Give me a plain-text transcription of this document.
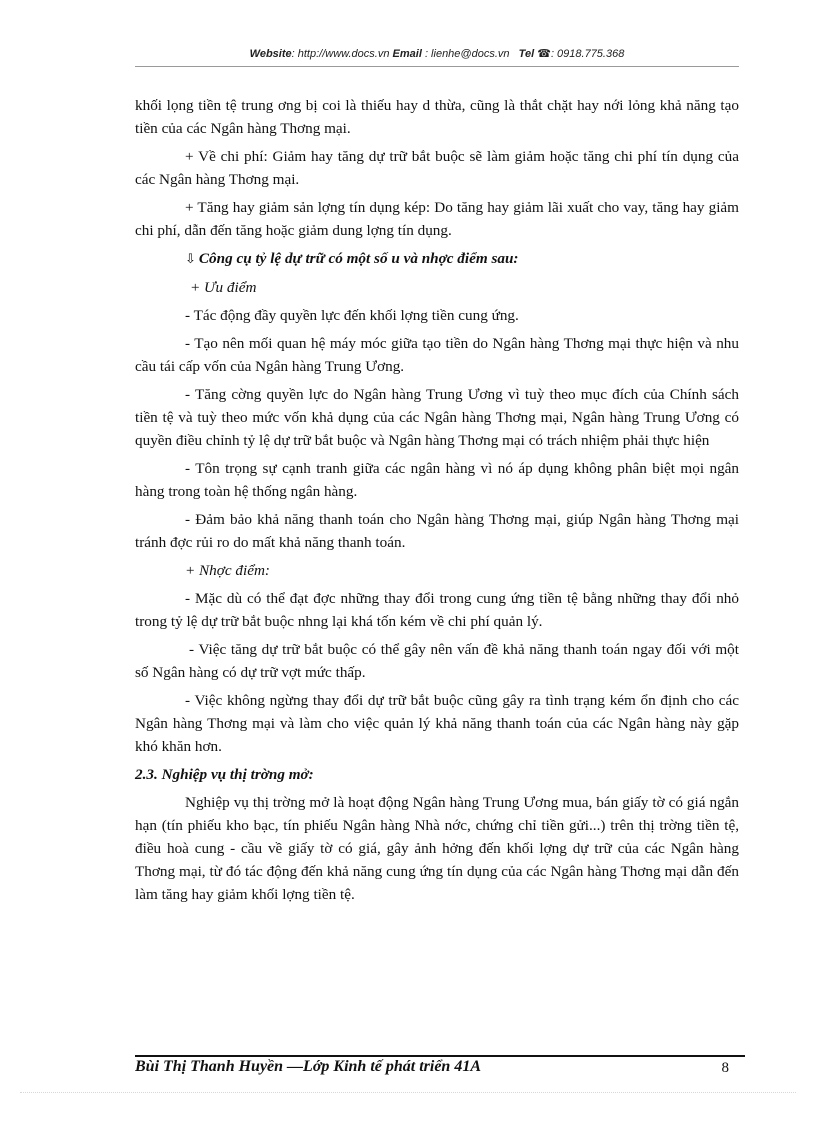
Website: http://www.docs.vn Email : lienhe@docs.vn Tel ☎: 0918.775.368

khối lọng tiền tệ trung ơng bị coi là thiếu hay d thừa, cũng là thắt chặt hay nới lỏng khả năng tạo tiền của các Ngân hàng Thơng mại.

+ Về chi phí: Giảm hay tăng dự trữ bắt buộc sẽ làm giảm hoặc tăng chi phí tín dụng của các Ngân hàng Thơng mại.

+ Tăng hay giảm sản lợng tín dụng kép: Do tăng hay giảm lãi xuất cho vay, tăng hay giảm chi phí, dẫn đến tăng hoặc giảm dung lợng tín dụng.

⇩ Công cụ tỷ lệ dự trữ có một số u và nhợc điểm sau:

+ Ưu điểm

- Tác động đầy quyền lực đến khối lợng tiền cung ứng.

- Tạo nên mối quan hệ máy móc giữa tạo tiền do Ngân hàng Thơng mại thực hiện và nhu cầu tái cấp vốn của Ngân hàng Trung Ương.

- Tăng cờng quyền lực do Ngân hàng Trung Ương vì tuỳ theo mục đích của Chính sách tiền tệ và tuỳ theo mức vốn khả dụng của các Ngân hàng Thơng mại, Ngân hàng Trung Ương có quyền điều chỉnh tỷ lệ dự trữ bắt buộc và Ngân hàng Thơng mại có trách nhiệm phải thực hiện

- Tôn trọng sự cạnh tranh giữa các ngân hàng vì nó áp dụng không phân biệt mọi ngân hàng trong toàn hệ thống ngân hàng.

- Đảm bảo khả năng thanh toán cho Ngân hàng Thơng mại, giúp Ngân hàng Thơng mại tránh đợc rủi ro do mất khả năng thanh toán.

+ Nhợc điểm:

- Mặc dù có thể đạt đợc những thay đổi trong cung ứng tiền tệ bằng những thay đổi nhỏ trong tỷ lệ dự trữ bắt buộc nhng lại khá tốn kém về chi phí quản lý.

- Việc tăng dự trữ bắt buộc có thể gây nên vấn đề khả năng thanh toán ngay đối với một số Ngân hàng có dự trữ vợt mức thấp.

- Việc không ngừng thay đổi dự trữ bắt buộc cũng gây ra tình trạng kém ổn định cho các Ngân hàng Thơng mại và làm cho việc quản lý khả năng thanh toán của các Ngân hàng này gặp khó khăn hơn.

2.3. Nghiệp vụ thị trờng mở:

Nghiệp vụ thị trờng mở là hoạt động Ngân hàng Trung Ương mua, bán giấy tờ có giá ngắn hạn (tín phiếu kho bạc, tín phiếu Ngân hàng Nhà nớc, chứng chỉ tiền gửi...) trên thị trờng tiền tệ, điều hoà cung - cầu về giấy tờ có giá, gây ảnh hởng đến khối lợng dự trữ của các Ngân hàng Thơng mại, từ đó tác động đến khả năng cung ứng tín dụng của các Ngân hàng Thơng mại dẫn đến làm tăng hay giảm khối lợng tiền tệ.

Bùi Thị Thanh Huyền —Lớp Kinh tế phát triển 41A	8
